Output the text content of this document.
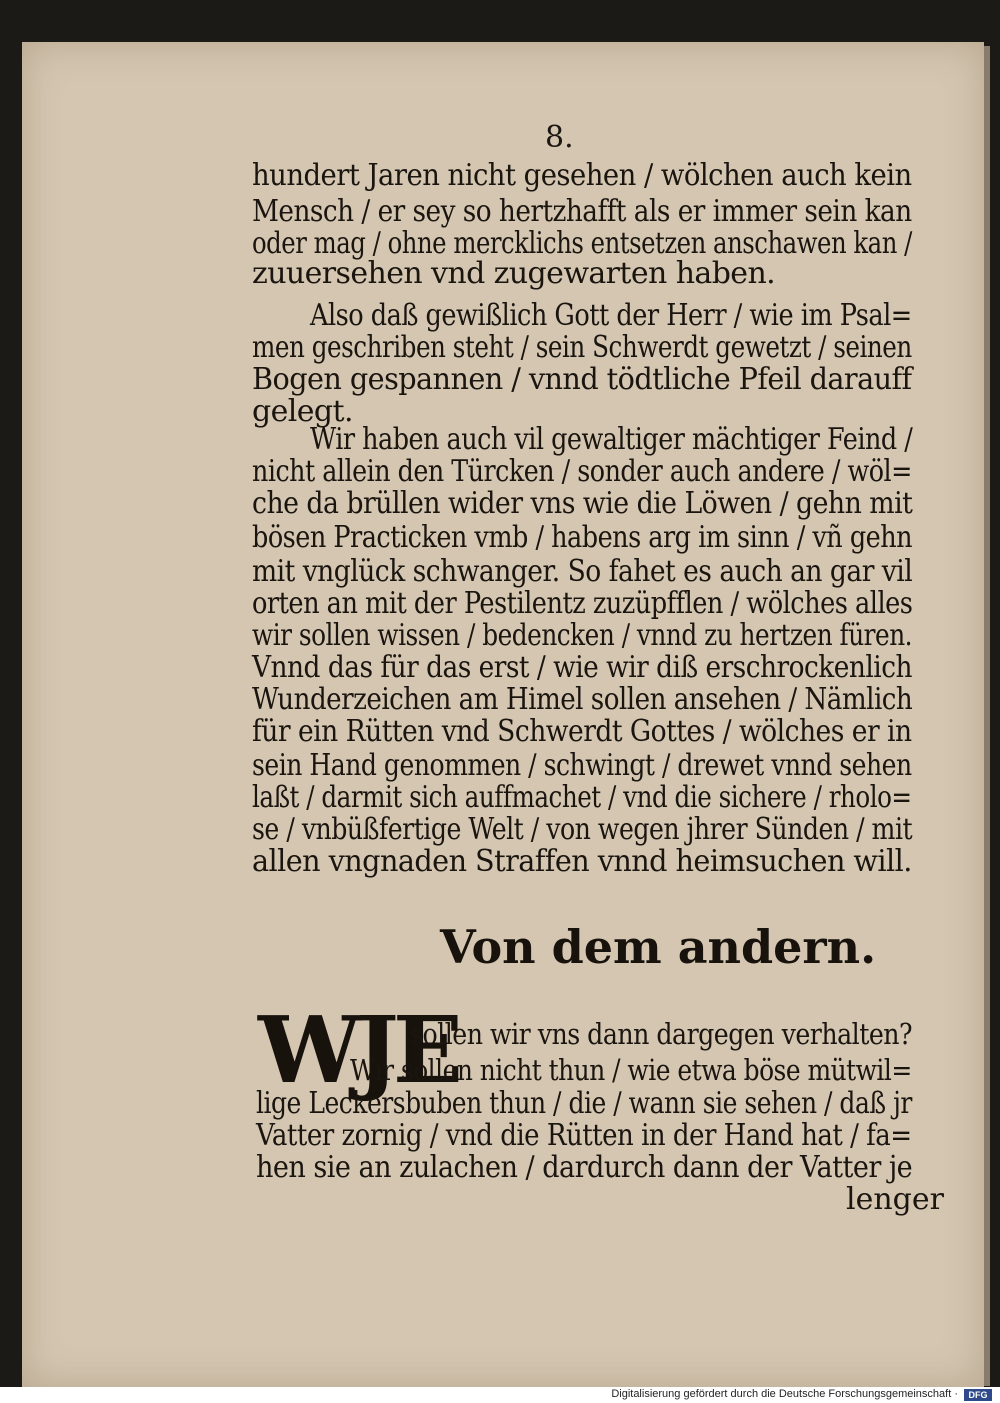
8.
hundert Jaren nicht gesehen / wölchen auch kein
Mensch / er sey so hertzhafft als er immer sein kan
oder mag / ohne mercklichs entsetzen anschawen kan /
zuuersehen vnd zugewarten haben.
Also daß gewißlich Gott der Herr / wie im Psal=
men geschriben steht / sein Schwerdt gewetzt / seinen
Bogen gespannen / vnnd tödtliche Pfeil darauff
gelegt.
Wir haben auch vil gewaltiger mächtiger Feind /
nicht allein den Türcken / sonder auch andere / wöl=
che da brüllen wider vns wie die Löwen / gehn mit
bösen Practicken vmb / habens arg im sinn / vñ gehn
mit vnglück schwanger. So fahet es auch an gar vil
orten an mit der Pestilentz zuzüpfflen / wölches alles
wir sollen wissen / bedencken / vnnd zu hertzen füren.
Vnnd das für das erst / wie wir diß erschrockenlich
Wunderzeichen am Himel sollen ansehen / Nämlich
für ein Rütten vnd Schwerdt Gottes / wölches er in
sein Hand genommen / schwingt / drewet vnnd sehen
laßt / darmit sich auffmachet / vnd die sichere / rholo=
se / vnbüßfertige Welt / von wegen jhrer Sünden / mit
allen vngnaden Straffen vnnd heimsuchen will.
Von dem andern.
WJE
sollen wir vns dann dargegen verhalten?
Wir sollen nicht thun / wie etwa böse mütwil=
lige Leckersbuben thun / die / wann sie sehen / daß jr
Vatter zornig / vnd die Rütten in der Hand hat / fa=
hen sie an zulachen / dardurch dann der Vatter je
lenger
Digitalisierung gefördert durch die Deutsche Forschungsgemeinschaft ·	DFG
